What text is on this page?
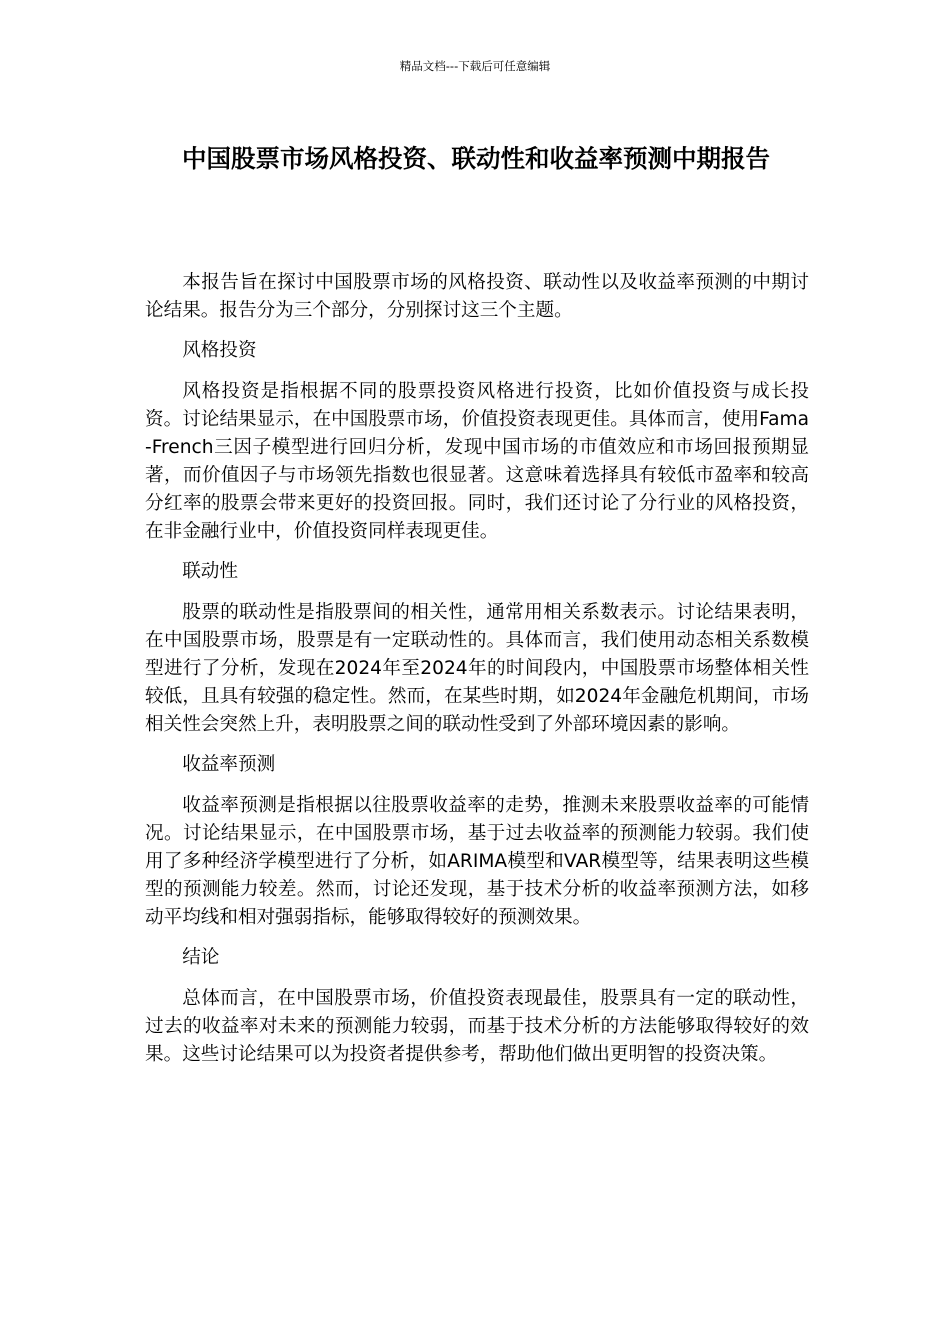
精品文档---下载后可任意编辑
中国股票市场风格投资、联动性和收益率预测中期报告

本报告旨在探讨中国股票市场的风格投资、联动性以及收益率预测的中期讨论结果。报告分为三个部分，分别探讨这三个主题。

风格投资

风格投资是指根据不同的股票投资风格进行投资，比如价值投资与成长投资。讨论结果显示，在中国股票市场，价值投资表现更佳。具体而言，使用Fama-French三因子模型进行回归分析，发现中国市场的市值效应和市场回报预期显著，而价值因子与市场领先指数也很显著。这意味着选择具有较低市盈率和较高分红率的股票会带来更好的投资回报。同时，我们还讨论了分行业的风格投资，在非金融行业中，价值投资同样表现更佳。

联动性

股票的联动性是指股票间的相关性，通常用相关系数表示。讨论结果表明，在中国股票市场，股票是有一定联动性的。具体而言，我们使用动态相关系数模型进行了分析，发现在2024年至2024年的时间段内，中国股票市场整体相关性较低，且具有较强的稳定性。然而，在某些时期，如2024年金融危机期间，市场相关性会突然上升，表明股票之间的联动性受到了外部环境因素的影响。

收益率预测

收益率预测是指根据以往股票收益率的走势，推测未来股票收益率的可能情况。讨论结果显示，在中国股票市场，基于过去收益率的预测能力较弱。我们使用了多种经济学模型进行了分析，如ARIMA模型和VAR模型等，结果表明这些模型的预测能力较差。然而，讨论还发现，基于技术分析的收益率预测方法，如移动平均线和相对强弱指标，能够取得较好的预测效果。

结论

总体而言，在中国股票市场，价值投资表现最佳，股票具有一定的联动性，过去的收益率对未来的预测能力较弱，而基于技术分析的方法能够取得较好的效果。这些讨论结果可以为投资者提供参考，帮助他们做出更明智的投资决策。
